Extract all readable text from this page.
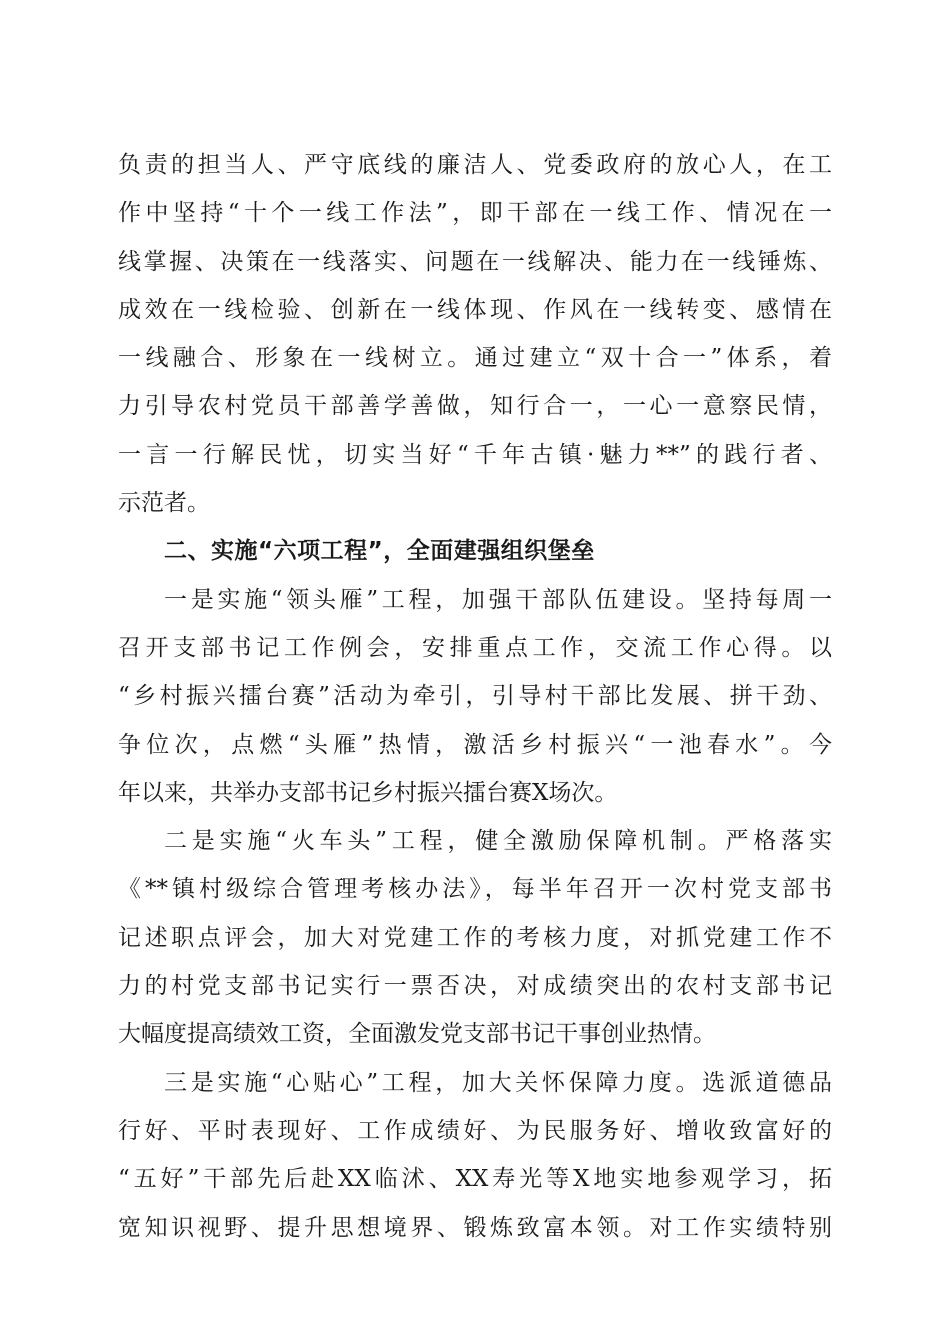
负责的担当人、严守底线的廉洁人、党委政府的放心人，在工
作中坚持“十个一线工作法”，即干部在一线工作、情况在一
线掌握、决策在一线落实、问题在一线解决、能力在一线锤炼、
成效在一线检验、创新在一线体现、作风在一线转变、感情在
一线融合、形象在一线树立。通过建立“双十合一”体系，着
力引导农村党员干部善学善做，知行合一，一心一意察民情，
一言一行解民忧，切实当好“千年古镇·魅力**”的践行者、
示范者。
二、实施“六项工程”，全面建强组织堡垒
一是实施“领头雁”工程，加强干部队伍建设。坚持每周一
召开支部书记工作例会，安排重点工作，交流工作心得。以
“乡村振兴擂台赛”活动为牵引，引导村干部比发展、拼干劲、
争位次，点燃“头雁”热情，激活乡村振兴“一池春水”。今
年以来，共举办支部书记乡村振兴擂台赛X场次。
二是实施“火车头”工程，健全激励保障机制。严格落实
《**镇村级综合管理考核办法》，每半年召开一次村党支部书
记述职点评会，加大对党建工作的考核力度，对抓党建工作不
力的村党支部书记实行一票否决，对成绩突出的农村支部书记
大幅度提高绩效工资，全面激发党支部书记干事创业热情。
三是实施“心贴心”工程，加大关怀保障力度。选派道德品
行好、平时表现好、工作成绩好、为民服务好、增收致富好的
“五好”干部先后赴XX临沭、XX寿光等X地实地参观学习，拓
宽知识视野、提升思想境界、锻炼致富本领。对工作实绩特别
